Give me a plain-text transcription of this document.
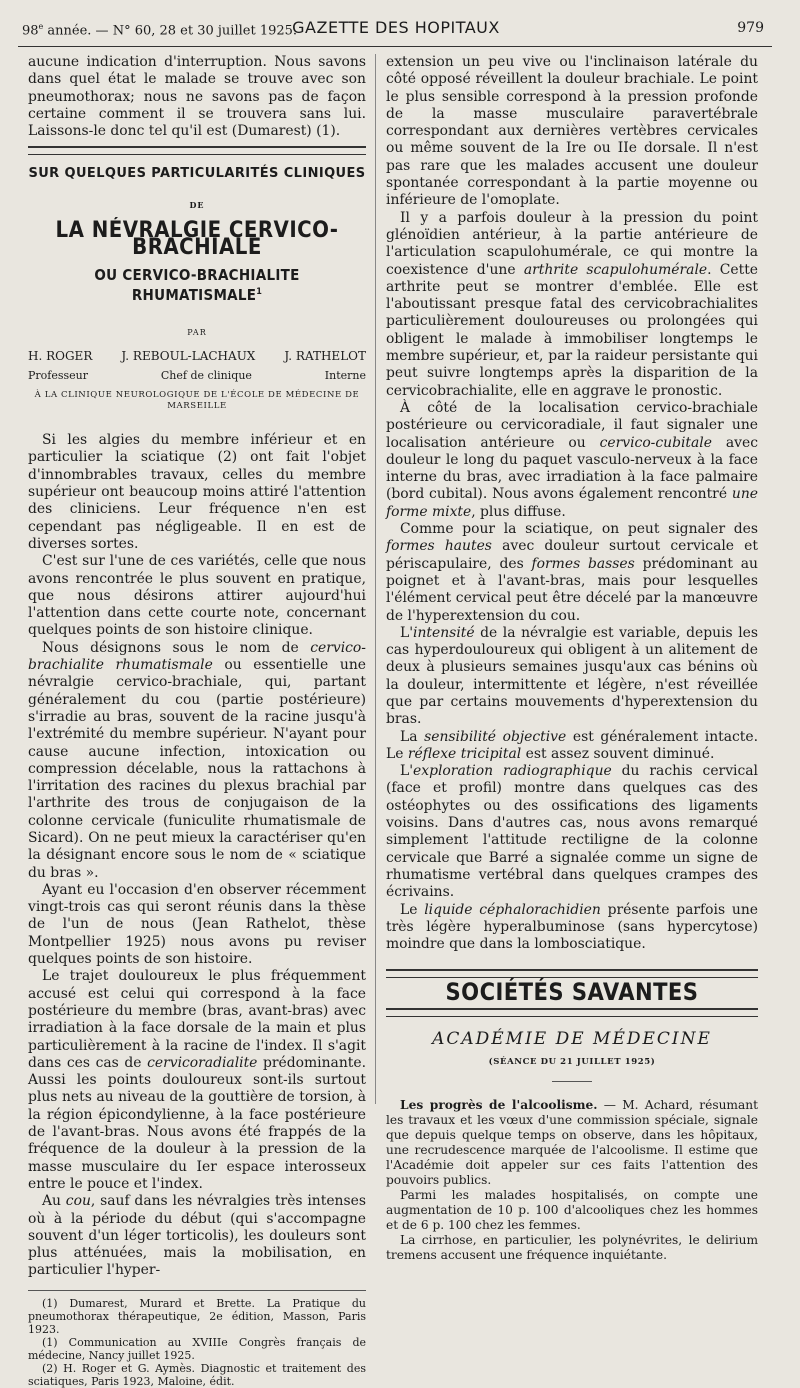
98e année. — N° 60, 28 et 30 juillet 1925.
GAZETTE DES HOPITAUX	979

aucune indication d'interruption. Nous savons dans quel état le malade se trouve avec son pneumothorax; nous ne savons pas de façon certaine comment il se trouvera sans lui. Laissons-le donc tel qu'il est (Dumarest) (1).

SUR QUELQUES PARTICULARITÉS CLINIQUES
DE
LA NÉVRALGIE CERVICO-BRACHIALE
OU CERVICO-BRACHIALITE RHUMATISMALE$^1$
PAR
H. ROGER J. REBOUL-LACHAUX J. RATHELOT
Professeur	Chef de clinique	Interne
À LA CLINIQUE NEUROLOGIQUE DE L'ÉCOLE DE MÉDECINE DE MARSEILLE

Si les algies du membre inférieur et en particulier la sciatique (2) ont fait l'objet d'innombrables travaux, celles du membre supérieur ont beaucoup moins attiré l'attention des cliniciens. Leur fréquence n'en est cependant pas négligeable. Il en est de diverses sortes.

C'est sur l'une de ces variétés, celle que nous avons rencontrée le plus souvent en pratique, que nous désirons attirer aujourd'hui l'attention dans cette courte note, concernant quelques points de son histoire clinique.

Nous désignons sous le nom de cervico-brachialite rhumatismale ou essentielle une névralgie cervico-brachiale, qui, partant généralement du cou (partie postérieure) s'irradie au bras, souvent de la racine jusqu'à l'extrémité du membre supérieur. N'ayant pour cause aucune infection, intoxication ou compression décelable, nous la rattachons à l'irritation des racines du plexus brachial par l'arthrite des trous de conjugaison de la colonne cervicale (funiculite rhumatismale de Sicard). On ne peut mieux la caractériser qu'en la désignant encore sous le nom de « sciatique du bras ».

Ayant eu l'occasion d'en observer récemment vingt-trois cas qui seront réunis dans la thèse de l'un de nous (Jean Rathelot, thèse Montpellier 1925) nous avons pu reviser quelques points de son histoire.

Le trajet douloureux le plus fréquemment accusé est celui qui correspond à la face postérieure du membre (bras, avant-bras) avec irradiation à la face dorsale de la main et plus particulièrement à la racine de l'index. Il s'agit dans ces cas de cervicoradialite prédominante. Aussi les points douloureux sont-ils surtout plus nets au niveau de la gouttière de torsion, à la région épicondylienne, à la face postérieure de l'avant-bras. Nous avons été frappés de la fréquence de la douleur à la pression de la masse musculaire du Ier espace interosseux entre le pouce et l'index.

Au cou, sauf dans les névralgies très intenses où à la période du début (qui s'accompagne souvent d'un léger torticolis), les douleurs sont plus atténuées, mais la mobilisation, en particulier l'hyper-

(1) Dumarest, Murard et Brette. La Pratique du pneumothorax thérapeutique, 2e édition, Masson, Paris 1923.

(1) Communication au XVIIIe Congrès français de médecine, Nancy juillet 1925.

(2) H. Roger et G. Aymès. Diagnostic et traitement des sciatiques, Paris 1923, Maloine, édit.

extension un peu vive ou l'inclinaison latérale du côté opposé réveillent la douleur brachiale. Le point le plus sensible correspond à la pression profonde de la masse musculaire paravertébrale correspondant aux dernières vertèbres cervicales ou même souvent de la Ire ou IIe dorsale. Il n'est pas rare que les malades accusent une douleur spontanée correspondant à la partie moyenne ou inférieure de l'omoplate.

Il y a parfois douleur à la pression du point glénoïdien antérieur, à la partie antérieure de l'articulation scapulohumérale, ce qui montre la coexistence d'une arthrite scapulohumérale. Cette arthrite peut se montrer d'emblée. Elle est l'aboutissant presque fatal des cervicobrachialites particulièrement douloureuses ou prolongées qui obligent le malade à immobiliser longtemps le membre supérieur, et, par la raideur persistante qui peut suivre longtemps après la disparition de la cervicobrachialite, elle en aggrave le pronostic.

À côté de la localisation cervico-brachiale postérieure ou cervicoradiale, il faut signaler une localisation antérieure ou cervico-cubitale avec douleur le long du paquet vasculo-nerveux à la face interne du bras, avec irradiation à la face palmaire (bord cubital). Nous avons également rencontré une forme mixte, plus diffuse.

Comme pour la sciatique, on peut signaler des formes hautes avec douleur surtout cervicale et périscapulaire, des formes basses prédominant au poignet et à l'avant-bras, mais pour lesquelles l'élément cervical peut être décelé par la manœuvre de l'hyperextension du cou.

L'intensité de la névralgie est variable, depuis les cas hyperdouloureux qui obligent à un alitement de deux à plusieurs semaines jusqu'aux cas bénins où la douleur, intermittente et légère, n'est réveillée que par certains mouvements d'hyperextension du bras.

La sensibilité objective est généralement intacte. Le réflexe tricipital est assez souvent diminué.

L'exploration radiographique du rachis cervical (face et profil) montre dans quelques cas des ostéophytes ou des ossifications des ligaments voisins. Dans d'autres cas, nous avons remarqué simplement l'attitude rectiligne de la colonne cervicale que Barré a signalée comme un signe de rhumatisme vertébral dans quelques crampes des écrivains.

Le liquide céphalorachidien présente parfois une très légère hyperalbuminose (sans hypercytose) moindre que dans la lombosciatique.

SOCIÉTÉS SAVANTES
ACADÉMIE DE MÉDECINE
(SÉANCE DU 21 JUILLET 1925)

Les progrès de l'alcoolisme. — M. Achard, résumant les travaux et les vœux d'une commission spéciale, signale que depuis quelque temps on observe, dans les hôpitaux, une recrudescence marquée de l'alcoolisme. Il estime que l'Académie doit appeler sur ces faits l'attention des pouvoirs publics.

Parmi les malades hospitalisés, on compte une augmentation de 10 p. 100 d'alcooliques chez les hommes et de 6 p. 100 chez les femmes.

La cirrhose, en particulier, les polynévrites, le delirium tremens accusent une fréquence inquiétante.
